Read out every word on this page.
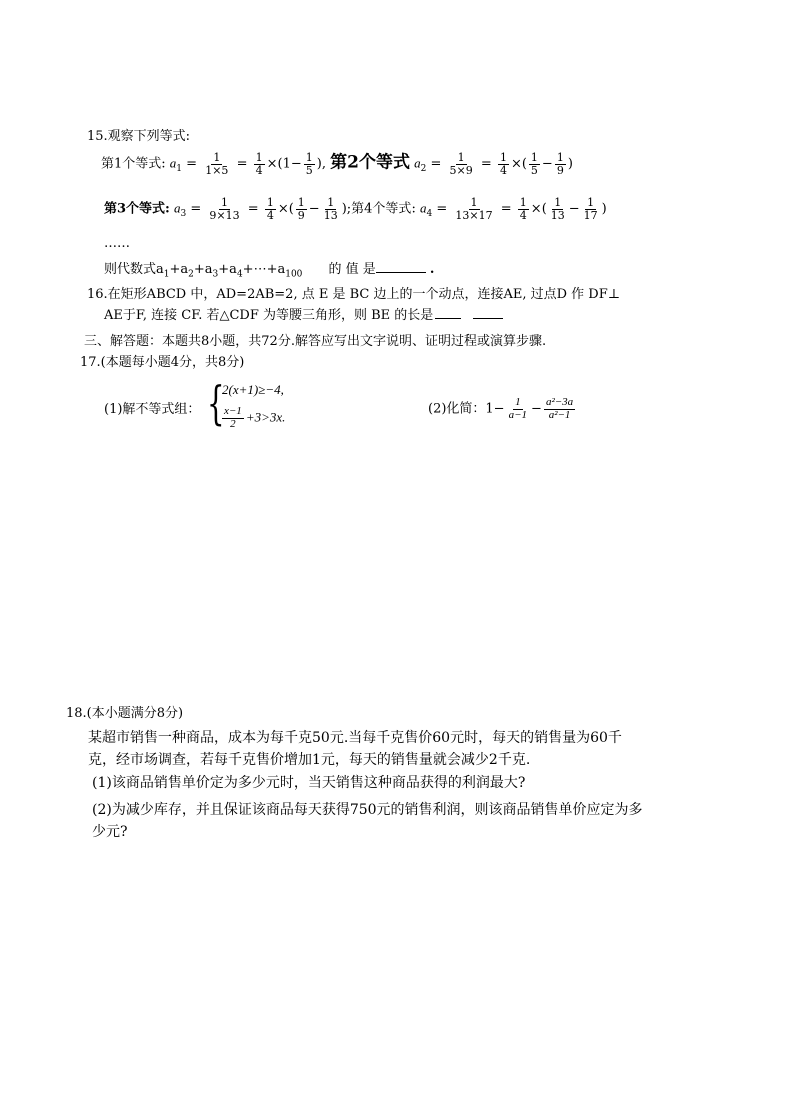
15.观察下列等式:
第1个等式: $a_1 = \frac{1}{1\times 5} = \frac{1}{4} \times(1- \frac{1}{5}$ ), 第2个等式 $a_2 = \frac{1}{5\times 9} = \frac{1}{4}$ ×( $\frac{1}{5} - \frac{1}{9}$ )
第3个等式: $a_3 = \frac{1}{9\times 13} = \frac{1}{4}$ ×( $\frac{1}{9} - \frac{1}{13}$ );第4个等式: $a_4 = \frac{1}{13\times 17} = \frac{1}{4}$ ×( $\frac{1}{13} - \frac{1}{17}$ )
……
则代数式$a_1+a_2+a_3+a_4+\cdots+a_{100}$ 的 值 是	.
16.在矩形ABCD 中，AD=2AB=2, 点 E 是 BC 边上的一个动点，连接AE, 过点D 作 DF⊥
AE于F, 连接 CF. 若△CDF 为等腰三角形，则 BE 的长是
三、解答题：本题共8小题，共72分.解答应写出文字说明、证明过程或演算步骤.
17.(本题每小题4分，共8分)
(1)解不等式组： {
2(x+1)≥−4,
$\frac{x-1}{2} +3>3x$.
(2)化简：$1- \frac{1}{a-1} - \frac{\text{a²−3a}}{\text{a²−1}}$
18.(本小题满分8分)
某超市销售一种商品，成本为每千克50元.当每千克售价60元时，每天的销售量为60千
克，经市场调查，若每千克售价增加1元，每天的销售量就会减少2千克.
(1)该商品销售单价定为多少元时，当天销售这种商品获得的利润最大?
(2)为减少库存，并且保证该商品每天获得750元的销售利润，则该商品销售单价应定为多
少元?
